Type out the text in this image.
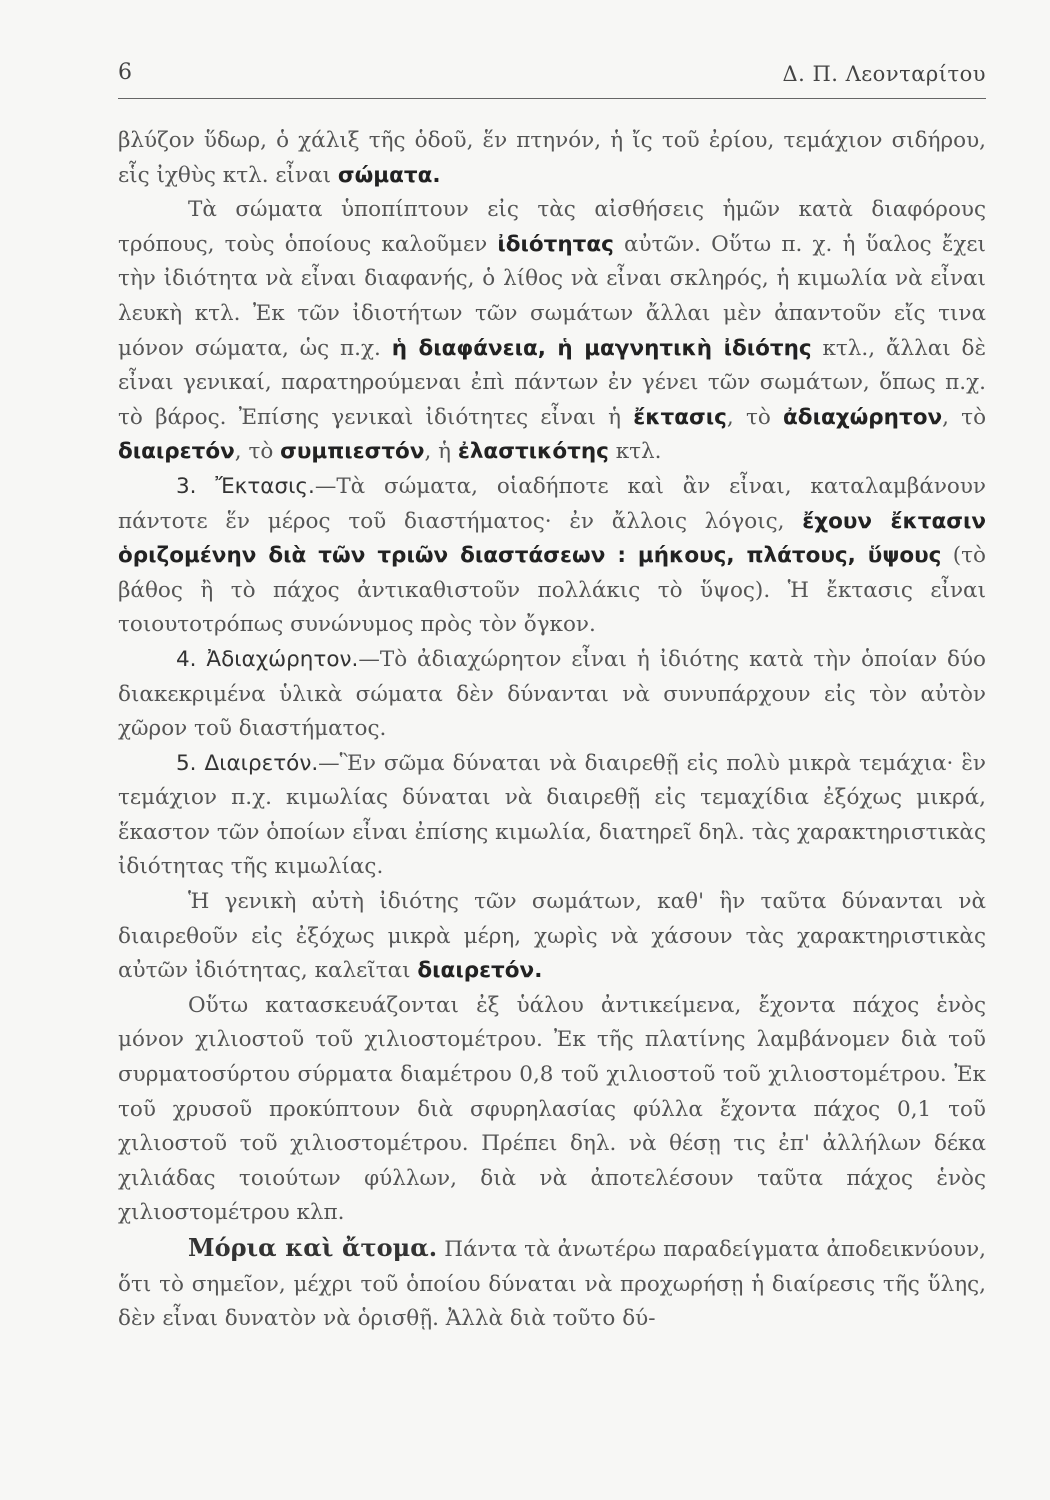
6	Δ. Π. Λεονταρίτου

βλύζον ὕδωρ, ὁ χάλιξ τῆς ὁδοῦ, ἕν πτηνόν, ἡ ἴς τοῦ ἐρίου, τεμάχιον σιδήρου, εἷς ἰχθὺς κτλ. εἶναι σώματα.

Τὰ σώματα ὑποπίπτουν εἰς τὰς αἰσθήσεις ἡμῶν κατὰ διαφόρους τρόπους, τοὺς ὁποίους καλοῦμεν ἰδιότητας αὐτῶν. Οὕτω π. χ. ἡ ὕαλος ἔχει τὴν ἰδιότητα νὰ εἶναι διαφανής, ὁ λίθος νὰ εἶναι σκληρός, ἡ κιμωλία νὰ εἶναι λευκὴ κτλ. Ἐκ τῶν ἰδιοτήτων τῶν σωμάτων ἄλλαι μὲν ἀπαντοῦν εἴς τινα μόνον σώματα, ὡς π.χ. ἡ διαφάνεια, ἡ μαγνητικὴ ἰδιότης κτλ., ἄλλαι δὲ εἶναι γενικαί, παρατηρούμεναι ἐπὶ πάντων ἐν γένει τῶν σωμάτων, ὅπως π.χ. τὸ βάρος. Ἐπίσης γενικαὶ ἰδιότητες εἶναι ἡ ἔκτασις, τὸ ἀδιαχώρητον, τὸ διαιρετόν, τὸ συμπιεστόν, ἡ ἐλαστικότης κτλ.

3. Ἔκτασις.—Τὰ σώματα, οἱαδήποτε καὶ ἂν εἶναι, καταλαμβάνουν πάντοτε ἕν μέρος τοῦ διαστήματος· ἐν ἄλλοις λόγοις, ἔχουν ἔκτασιν ὁριζομένην διὰ τῶν τριῶν διαστάσεων : μήκους, πλάτους, ὕψους (τὸ βάθος ἢ τὸ πάχος ἀντικαθιστοῦν πολλάκις τὸ ὕψος). Ἡ ἔκτασις εἶναι τοιουτοτρόπως συνώνυμος πρὸς τὸν ὄγκον.

4. Ἀδιαχώρητον.—Τὸ ἀδιαχώρητον εἶναι ἡ ἰδιότης κατὰ τὴν ὁποίαν δύο διακεκριμένα ὑλικὰ σώματα δὲν δύνανται νὰ συνυπάρχουν εἰς τὸν αὐτὸν χῶρον τοῦ διαστήματος.

5. Διαιρετόν.—Ἓν σῶμα δύναται νὰ διαιρεθῇ εἰς πολὺ μικρὰ τεμάχια· ἓν τεμάχιον π.χ. κιμωλίας δύναται νὰ διαιρεθῇ εἰς τεμαχίδια ἐξόχως μικρά, ἕκαστον τῶν ὁποίων εἶναι ἐπίσης κιμωλία, διατηρεῖ δηλ. τὰς χαρακτηριστικὰς ἰδιότητας τῆς κιμωλίας.

Ἡ γενικὴ αὐτὴ ἰδιότης τῶν σωμάτων, καθ' ἣν ταῦτα δύνανται νὰ διαιρεθοῦν εἰς ἐξόχως μικρὰ μέρη, χωρὶς νὰ χάσουν τὰς χαρακτηριστικὰς αὐτῶν ἰδιότητας, καλεῖται διαιρετόν.

Οὕτω κατασκευάζονται ἐξ ὑάλου ἀντικείμενα, ἔχοντα πάχος ἑνὸς μόνον χιλιοστοῦ τοῦ χιλιοστομέτρου. Ἐκ τῆς πλατίνης λαμβάνομεν διὰ τοῦ συρματοσύρτου σύρματα διαμέτρου 0,8 τοῦ χιλιοστοῦ τοῦ χιλιοστομέτρου. Ἐκ τοῦ χρυσοῦ προκύπτουν διὰ σφυρηλασίας φύλλα ἔχοντα πάχος 0,1 τοῦ χιλιοστοῦ τοῦ χιλιοστομέτρου. Πρέπει δηλ. νὰ θέσῃ τις ἐπ' ἀλλήλων δέκα χιλιάδας τοιούτων φύλλων, διὰ νὰ ἀποτελέσουν ταῦτα πάχος ἑνὸς χιλιοστομέτρου κλπ.

Μόρια καὶ ἄτομα. Πάντα τὰ ἀνωτέρω παραδείγματα ἀποδεικνύουν, ὅτι τὸ σημεῖον, μέχρι τοῦ ὁποίου δύναται νὰ προχωρήσῃ ἡ διαίρεσις τῆς ὕλης, δὲν εἶναι δυνατὸν νὰ ὁρισθῇ. Ἀλλὰ διὰ τοῦτο δύ-
